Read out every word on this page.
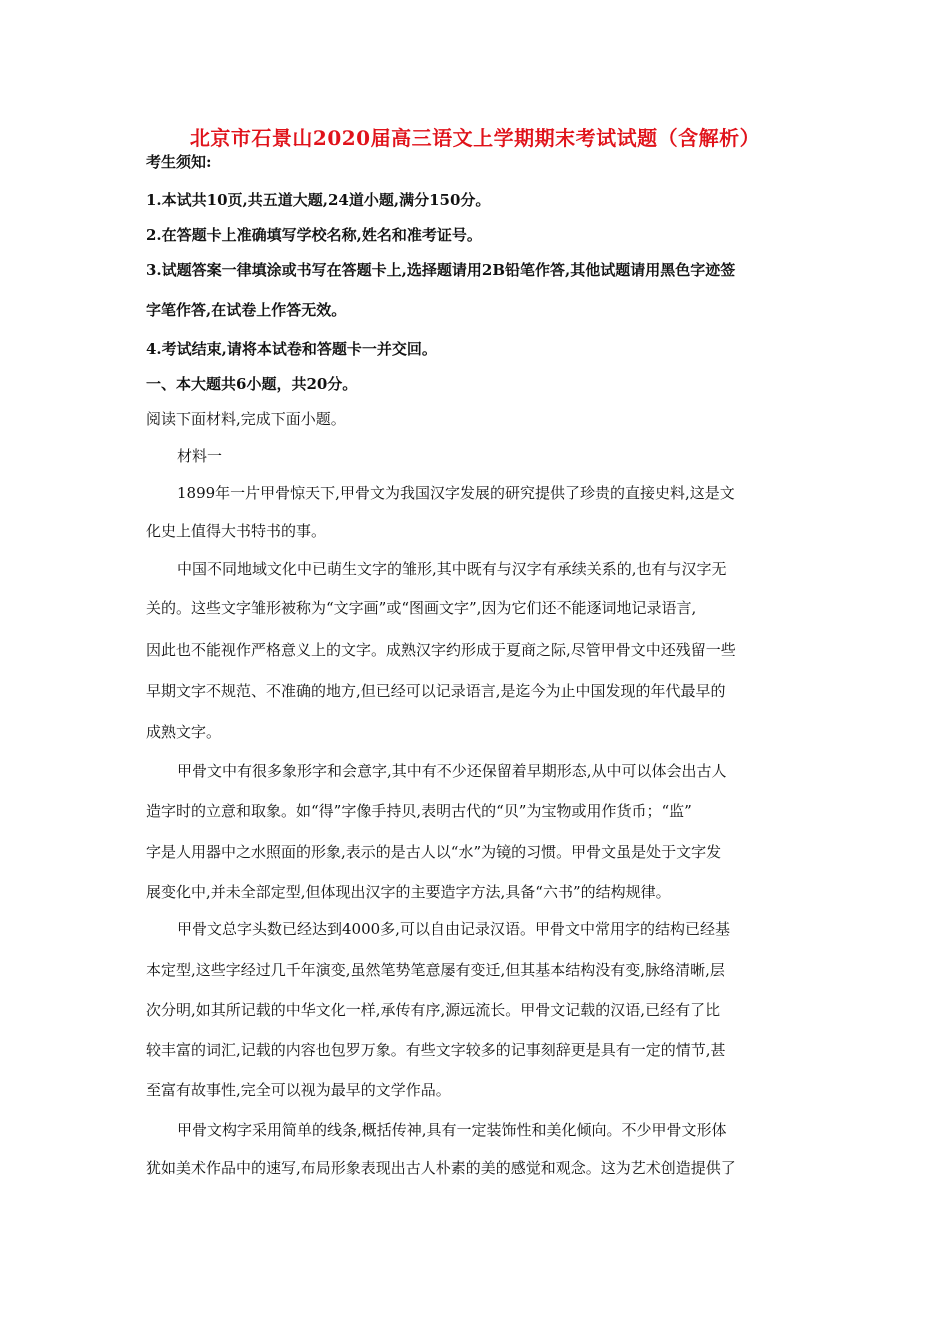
北京市石景山2020届高三语文上学期期末考试试题（含解析）
考生须知:
1.本试共10页,共五道大题,24道小题,满分150分。
2.在答题卡上准确填写学校名称,姓名和准考证号。
3.试题答案一律填涂或书写在答题卡上,选择题请用2B铅笔作答,其他试题请用黑色字迹签
字笔作答,在试卷上作答无效。
4.考试结束,请将本试卷和答题卡一并交回。
一、本大题共6小题，共20分。
阅读下面材料,完成下面小题。
材料一
1899年一片甲骨惊天下,甲骨文为我国汉字发展的研究提供了珍贵的直接史料,这是文
化史上值得大书特书的事。
中国不同地域文化中已萌生文字的雏形,其中既有与汉字有承续关系的,也有与汉字无
关的。这些文字雏形被称为“文字画”或“图画文字”,因为它们还不能逐词地记录语言,
因此也不能视作严格意义上的文字。成熟汉字约形成于夏商之际,尽管甲骨文中还残留一些
早期文字不规范、不准确的地方,但已经可以记录语言,是迄今为止中国发现的年代最早的
成熟文字。
甲骨文中有很多象形字和会意字,其中有不少还保留着早期形态,从中可以体会出古人
造字时的立意和取象。如“得”字像手持贝,表明古代的“贝”为宝物或用作货币；“监”
字是人用器中之水照面的形象,表示的是古人以“水”为镜的习惯。甲骨文虽是处于文字发
展变化中,并未全部定型,但体现出汉字的主要造字方法,具备“六书”的结构规律。
甲骨文总字头数已经达到4000多,可以自由记录汉语。甲骨文中常用字的结构已经基
本定型,这些字经过几千年演变,虽然笔势笔意屡有变迁,但其基本结构没有变,脉络清晰,层
次分明,如其所记载的中华文化一样,承传有序,源远流长。甲骨文记载的汉语,已经有了比
较丰富的词汇,记载的内容也包罗万象。有些文字较多的记事刻辞更是具有一定的情节,甚
至富有故事性,完全可以视为最早的文学作品。
甲骨文构字采用简单的线条,概括传神,具有一定装饰性和美化倾向。不少甲骨文形体
犹如美术作品中的速写,布局形象表现出古人朴素的美的感觉和观念。这为艺术创造提供了
